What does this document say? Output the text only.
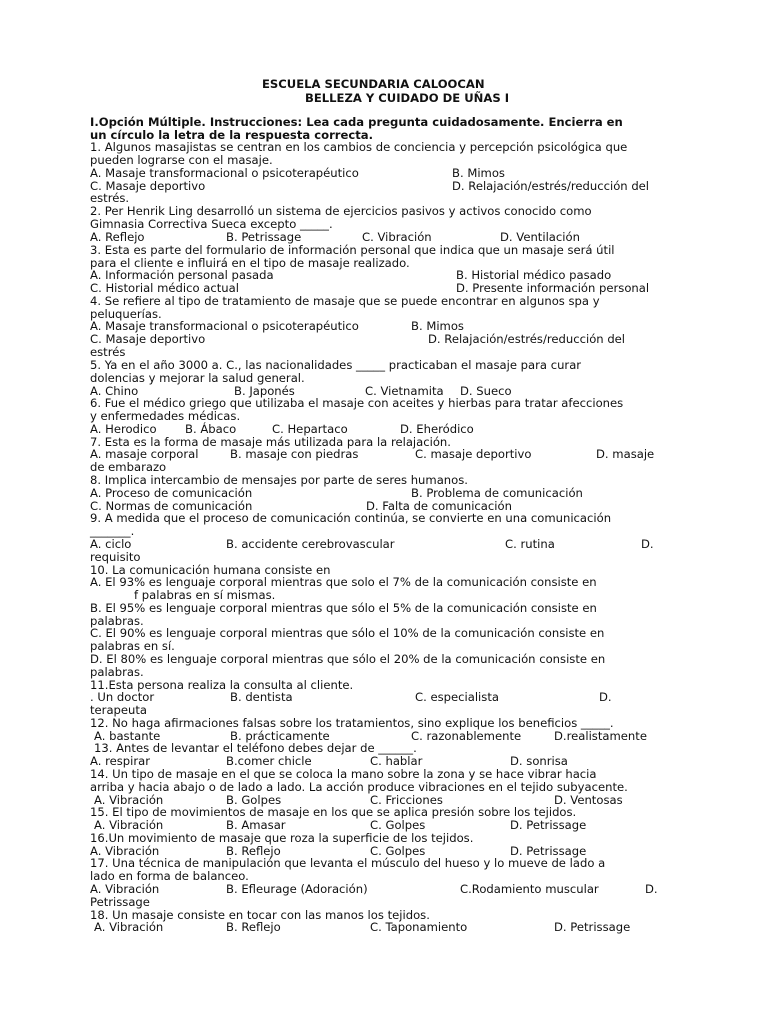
ESCUELA SECUNDARIA CALOOCAN
BELLEZA Y CUIDADO DE UÑAS I
I.Opción Múltiple. Instrucciones: Lea cada pregunta cuidadosamente. Encierra en
un círculo la letra de la respuesta correcta.
1. Algunos masajistas se centran en los cambios de conciencia y percepción psicológica que
pueden lograrse con el masaje.
A. Masaje transformacional o psicoterapéutico	B. Mimos
C. Masaje deportivo	D. Relajación/estrés/reducción del
estrés.
2. Per Henrik Ling desarrolló un sistema de ejercicios pasivos y activos conocido como
Gimnasia Correctiva Sueca excepto _____.
A. Reflejo	B. Petrissage	C. Vibración	D. Ventilación
3. Esta es parte del formulario de información personal que indica que un masaje será útil
para el cliente e influirá en el tipo de masaje realizado.
A. Información personal pasada	B. Historial médico pasado
C. Historial médico actual	D. Presente información personal
4. Se refiere al tipo de tratamiento de masaje que se puede encontrar en algunos spa y
peluquerías.
A. Masaje transformacional o psicoterapéutico	B. Mimos
C. Masaje deportivo	D. Relajación/estrés/reducción del
estrés
5. Ya en el año 3000 a. C., las nacionalidades _____ practicaban el masaje para curar
dolencias y mejorar la salud general.
A. Chino	B. Japonés	C. Vietnamita D. Sueco
6. Fue el médico griego que utilizaba el masaje con aceites y hierbas para tratar afecciones
y enfermedades médicas.
A. Herodico B. Ábaco	C. Hepartaco	D. Eheródico
7. Esta es la forma de masaje más utilizada para la relajación.
A. masaje corporal	B. masaje con piedras	C. masaje deportivo	D. masaje
de embarazo
8. Implica intercambio de mensajes por parte de seres humanos.
A. Proceso de comunicación	B. Problema de comunicación
C. Normas de comunicación	D. Falta de comunicación
9. A medida que el proceso de comunicación continúa, se convierte en una comunicación
_______.
A. ciclo	B. accidente cerebrovascular	C. rutina	D.
requisito
10. La comunicación humana consiste en
A. El 93% es lenguaje corporal mientras que solo el 7% de la comunicación consiste en
f palabras en sí mismas.
B. El 95% es lenguaje corporal mientras que sólo el 5% de la comunicación consiste en
palabras.
C. El 90% es lenguaje corporal mientras que sólo el 10% de la comunicación consiste en
palabras en sí.
D. El 80% es lenguaje corporal mientras que sólo el 20% de la comunicación consiste en
palabras.
11.Esta persona realiza la consulta al cliente.
. Un doctor	B. dentista	C. especialista	D.
terapeuta
12. No haga afirmaciones falsas sobre los tratamientos, sino explique los beneficios _____.
A. bastante	B. prácticamente	C. razonablemente	D.realistamente
13. Antes de levantar el teléfono debes dejar de ______.
A. respirar	B.comer chicle	C. hablar	D. sonrisa
14. Un tipo de masaje en el que se coloca la mano sobre la zona y se hace vibrar hacia
arriba y hacia abajo o de lado a lado. La acción produce vibraciones en el tejido subyacente.
A. Vibración	B. Golpes	C. Fricciones	D. Ventosas
15. El tipo de movimientos de masaje en los que se aplica presión sobre los tejidos.
A. Vibración	B. Amasar	C. Golpes	D. Petrissage
16.Un movimiento de masaje que roza la superficie de los tejidos.
A. Vibración	B. Reflejo	C. Golpes	D. Petrissage
17. Una técnica de manipulación que levanta el músculo del hueso y lo mueve de lado a
lado en forma de balanceo.
A. Vibración	B. Efleurage (Adoración)	C.Rodamiento muscular	D.
Petrissage
18. Un masaje consiste en tocar con las manos los tejidos.
A. Vibración	B. Reflejo	C. Taponamiento	D. Petrissage
